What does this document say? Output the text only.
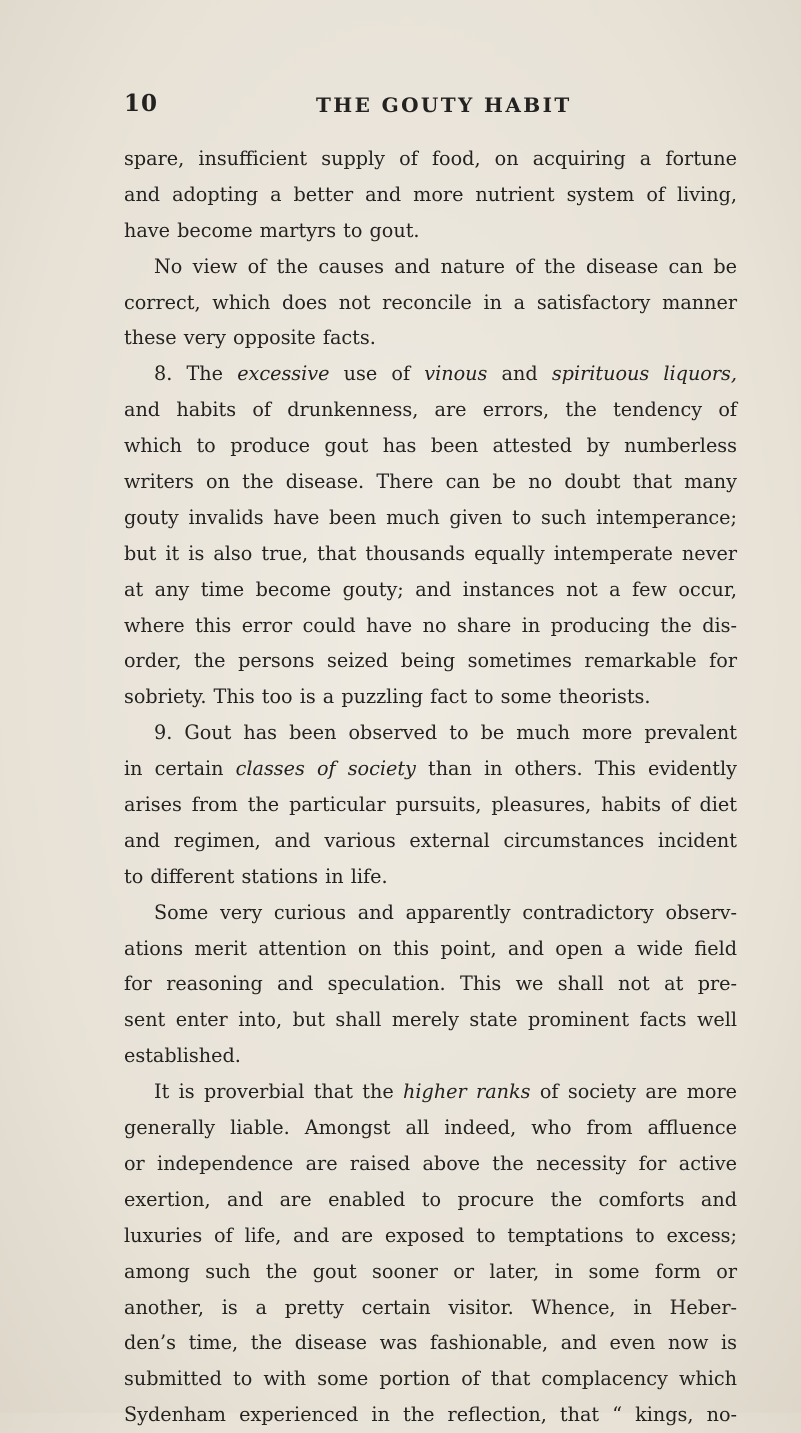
10	THE GOUTY HABIT
spare, insufficient supply of food, on acquiring a fortune
and adopting a better and more nutrient system of living,
have become martyrs to gout.
No view of the causes and nature of the disease can be
correct, which does not reconcile in a satisfactory manner
these very opposite facts.
8. The excessive use of vinous and spirituous liquors,
and habits of drunkenness, are errors, the tendency of
which to produce gout has been attested by numberless
writers on the disease. There can be no doubt that many
gouty invalids have been much given to such intemperance;
but it is also true, that thousands equally intemperate never
at any time become gouty; and instances not a few occur,
where this error could have no share in producing the dis-
order, the persons seized being sometimes remarkable for
sobriety. This too is a puzzling fact to some theorists.
9. Gout has been observed to be much more prevalent
in certain classes of society than in others. This evidently
arises from the particular pursuits, pleasures, habits of diet
and regimen, and various external circumstances incident
to different stations in life.
Some very curious and apparently contradictory observ-
ations merit attention on this point, and open a wide field
for reasoning and speculation. This we shall not at pre-
sent enter into, but shall merely state prominent facts well
established.
It is proverbial that the higher ranks of society are more
generally liable. Amongst all indeed, who from affluence
or independence are raised above the necessity for active
exertion, and are enabled to procure the comforts and
luxuries of life, and are exposed to temptations to excess;
among such the gout sooner or later, in some form or
another, is a pretty certain visitor. Whence, in Heber-
den’s time, the disease was fashionable, and even now is
submitted to with some portion of that complacency which
Sydenham experienced in the reflection, that “ kings, no-
